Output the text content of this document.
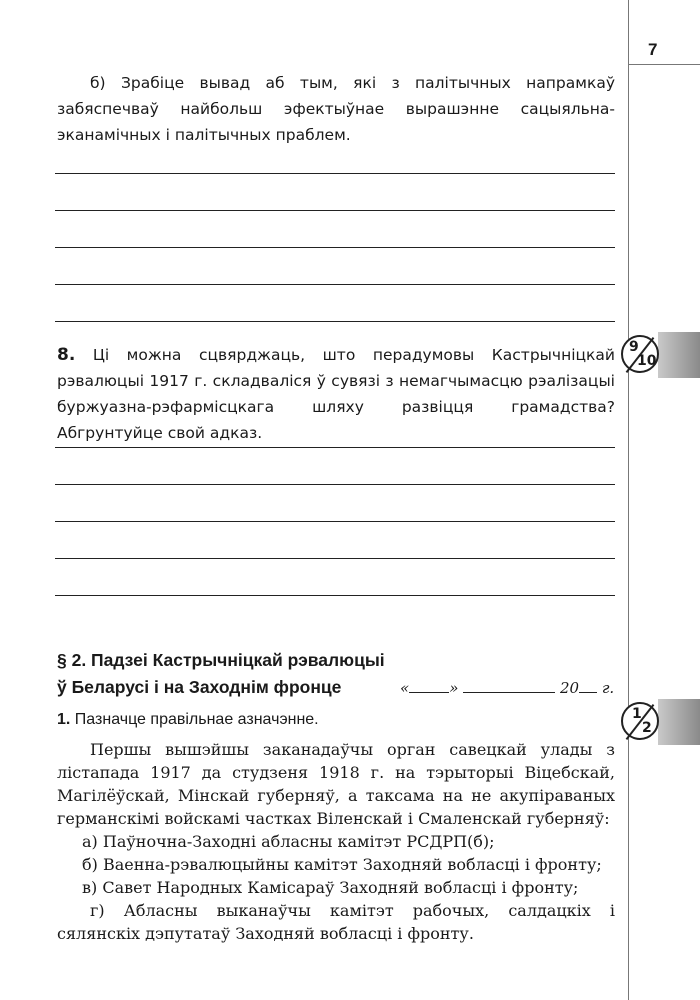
7

б) Зрабіце вывад аб тым, які з палітычных напрамкаў забяспечваў найбольш эфектыўнае вырашэнне сацыяльна-эканамічных і палітычных праблем.

8. Ці можна сцвярджаць, што перадумовы Кастрычніцкай рэвалюцыі 1917 г. складваліся ў сувязі з немагчымасцю рэалізацыі буржуазна-рэфармісцкага шляху развіцця грамадства? Абгрунтуйце свой адказ.

9
10
§ 2. Падзеі Кастрычніцкай рэвалюцыі
ў Беларусі і на Заходнім фронце	«	»	20 г.
1
2
1. Пазначце правільнае азначэнне.

Першы вышэйшы заканадаўчы орган савецкай улады з лістапада 1917 да студзеня 1918 г. на тэрыторыі Віцебскай, Магілёўскай, Мінскай губерняў, а таксама на не акупіраваных германскімі войскамі частках Віленскай і Смаленскай губерняў:

а) Паўночна-Заходні абласны камітэт РСДРП(б);

б) Ваенна-рэвалюцыйны камітэт Заходняй вобласці і фронту;

в) Савет Народных Камісараў Заходняй вобласці і фронту;

г) Абласны выканаўчы камітэт рабочых, салдацкіх і сялянскіх дэпутатаў Заходняй вобласці і фронту.
